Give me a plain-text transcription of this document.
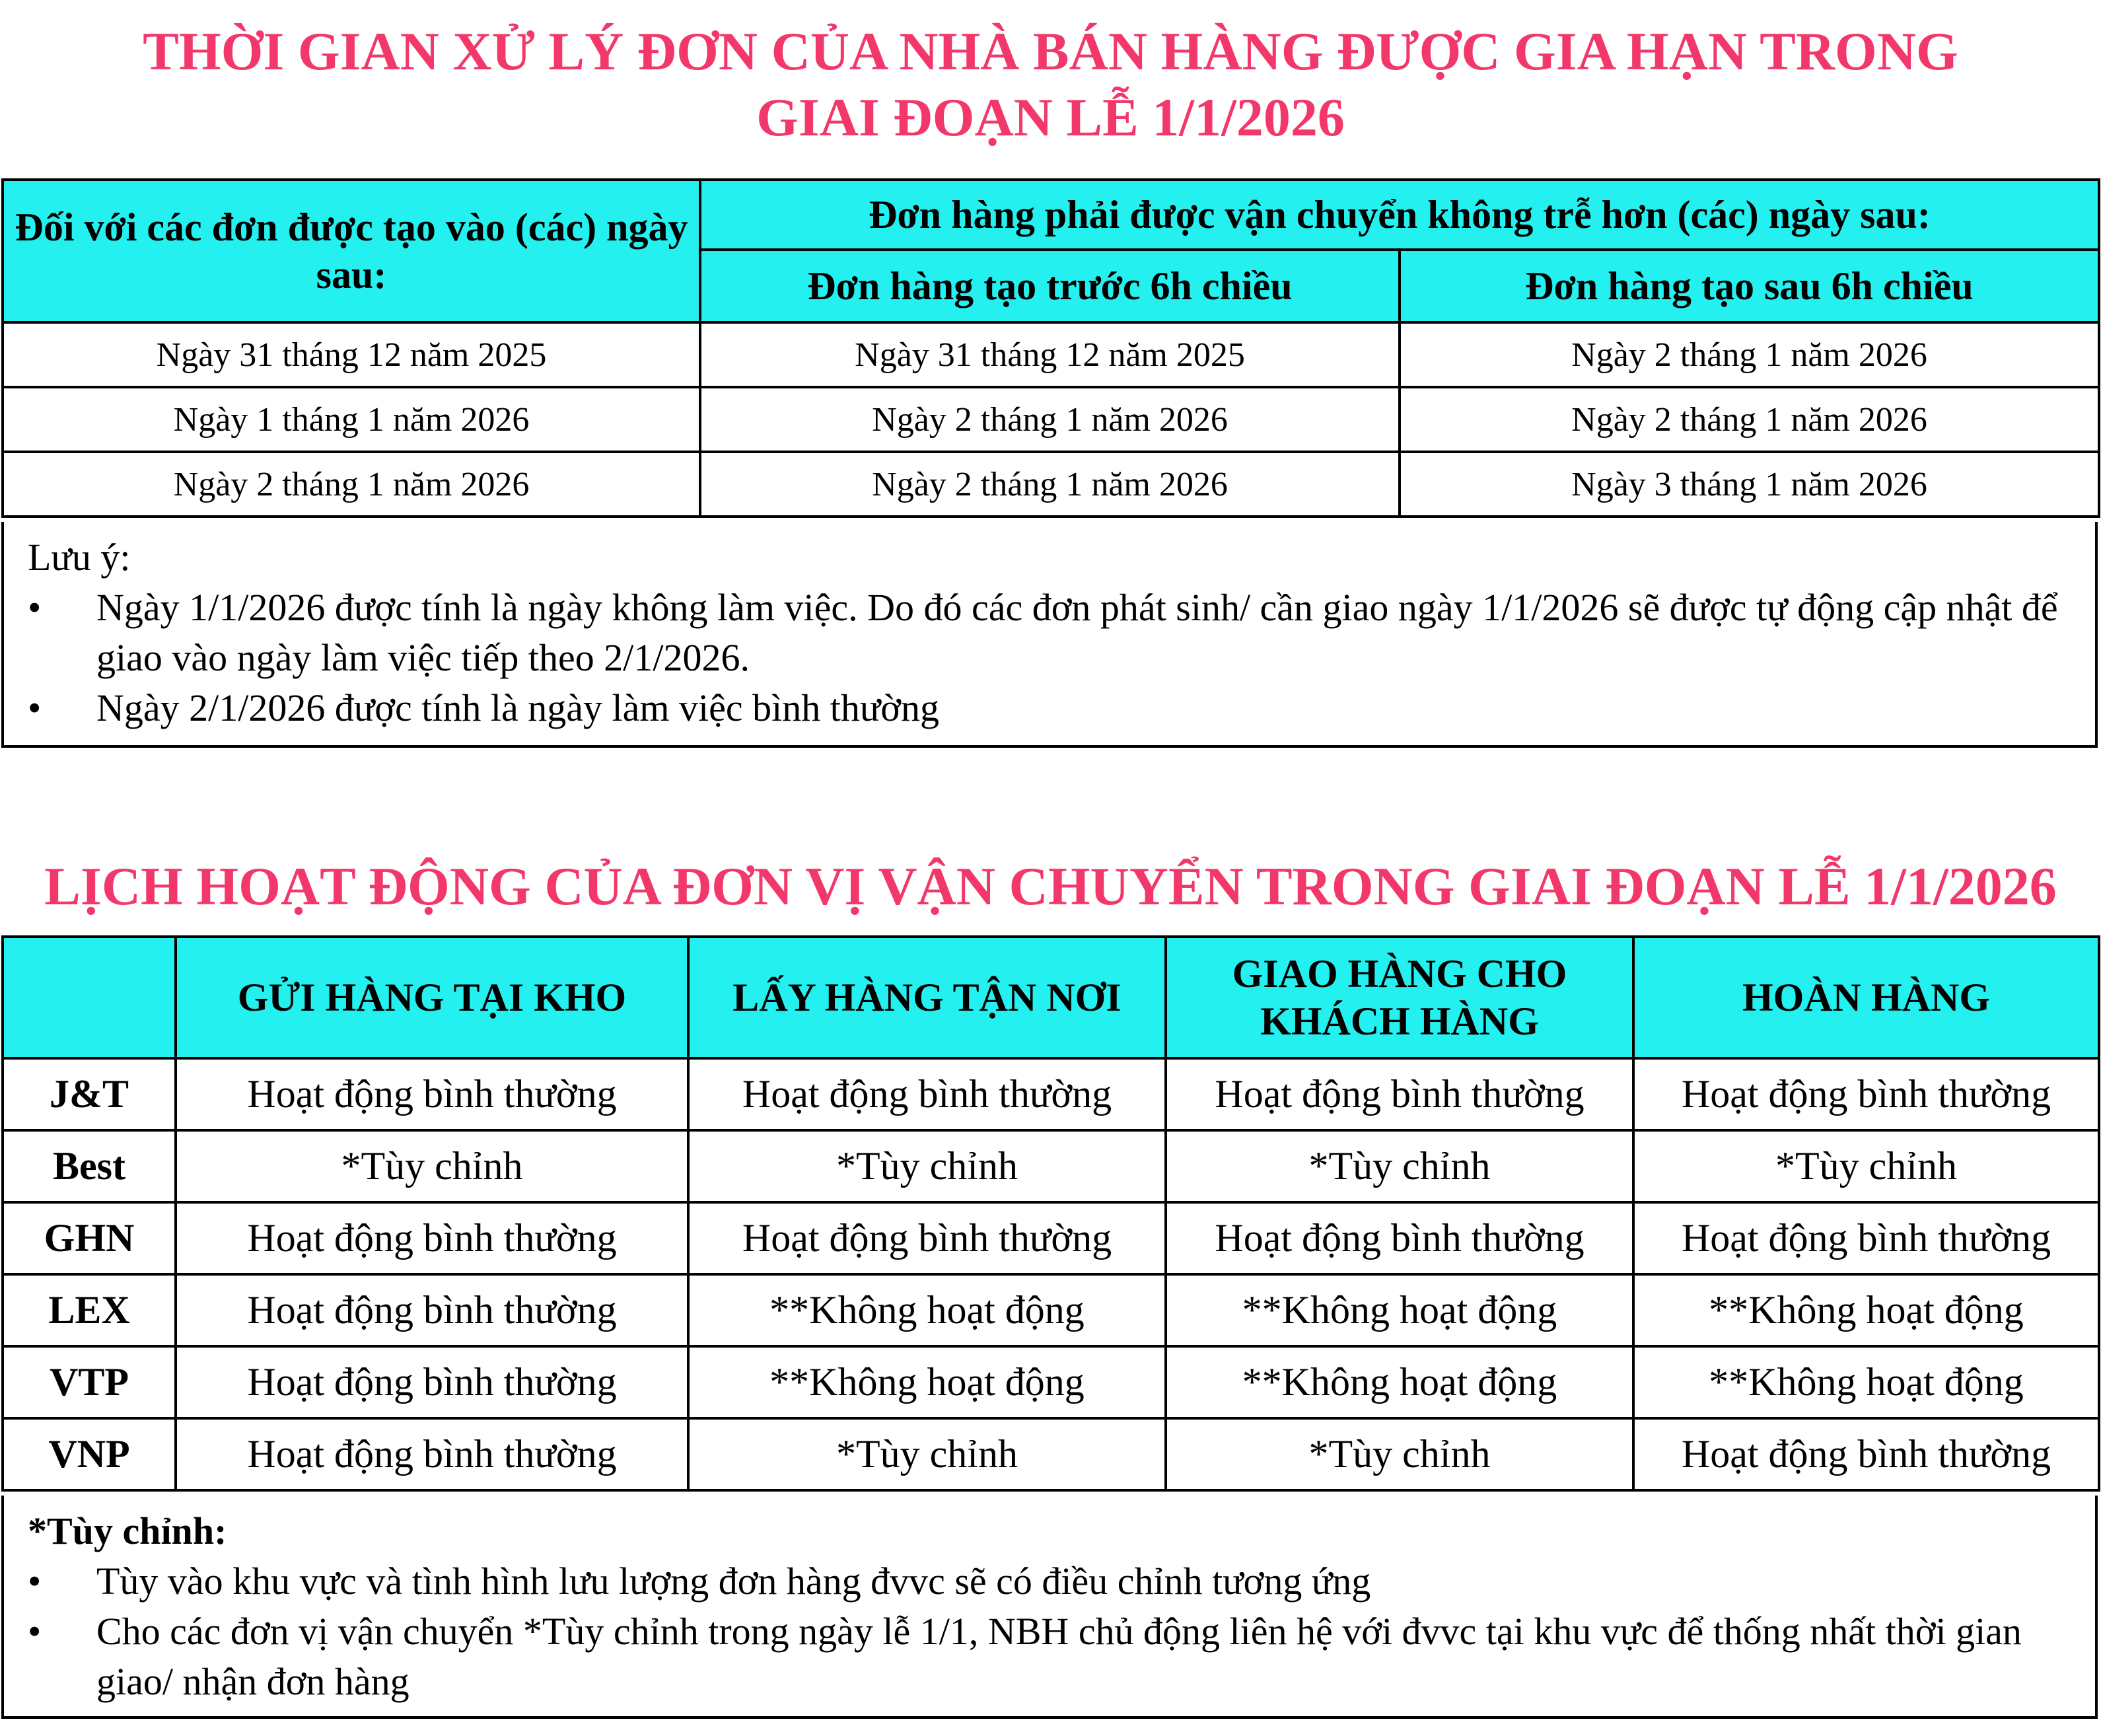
THỜI GIAN XỬ LÝ ĐƠN CỦA NHÀ BÁN HÀNG ĐƯỢC GIA HẠN TRONG
GIAI ĐOẠN LỄ 1/1/2026
Đối với các đơn được tạo vào (các) ngày sau:	Đơn hàng phải được vận chuyển không trễ hơn (các) ngày sau:	
	Đơn hàng tạo trước 6h chiều	Đơn hàng tạo sau 6h chiều
Ngày 31 tháng 12 năm 2025	Ngày 31 tháng 12 năm 2025	Ngày 2 tháng 1 năm 2026
Ngày 1 tháng 1 năm 2026	Ngày 2 tháng 1 năm 2026	Ngày 2 tháng 1 năm 2026
Ngày 2 tháng 1 năm 2026	Ngày 2 tháng 1 năm 2026	Ngày 3 tháng 1 năm 2026

Lưu ý:

• Ngày 1/1/2026 được tính là ngày không làm việc. Do đó các đơn phát sinh/ cần giao ngày 1/1/2026 sẽ được tự động cập nhật để giao vào ngày làm việc tiếp theo 2/1/2026.
• Ngày 2/1/2026 được tính là ngày làm việc bình thường
LỊCH HOẠT ĐỘNG CỦA ĐƠN VỊ VẬN CHUYỂN TRONG GIAI ĐOẠN LỄ 1/1/2026
	GỬI HÀNG TẠI KHO	LẤY HÀNG TẬN NƠI	GIAO HÀNG CHO KHÁCH HÀNG	HOÀN HÀNG
J&T	Hoạt động bình thường	Hoạt động bình thường	Hoạt động bình thường	Hoạt động bình thường
Best	*Tùy chỉnh	*Tùy chỉnh	*Tùy chỉnh	*Tùy chỉnh
GHN	Hoạt động bình thường	Hoạt động bình thường	Hoạt động bình thường	Hoạt động bình thường
LEX	Hoạt động bình thường	**Không hoạt động	**Không hoạt động	**Không hoạt động
VTP	Hoạt động bình thường	**Không hoạt động	**Không hoạt động	**Không hoạt động
VNP	Hoạt động bình thường	*Tùy chỉnh	*Tùy chỉnh	Hoạt động bình thường

*Tùy chỉnh:

• Tùy vào khu vực và tình hình lưu lượng đơn hàng đvvc sẽ có điều chỉnh tương ứng
• Cho các đơn vị vận chuyển *Tùy chỉnh trong ngày lễ 1/1, NBH chủ động liên hệ với đvvc tại khu vực để thống nhất thời gian giao/ nhận đơn hàng
